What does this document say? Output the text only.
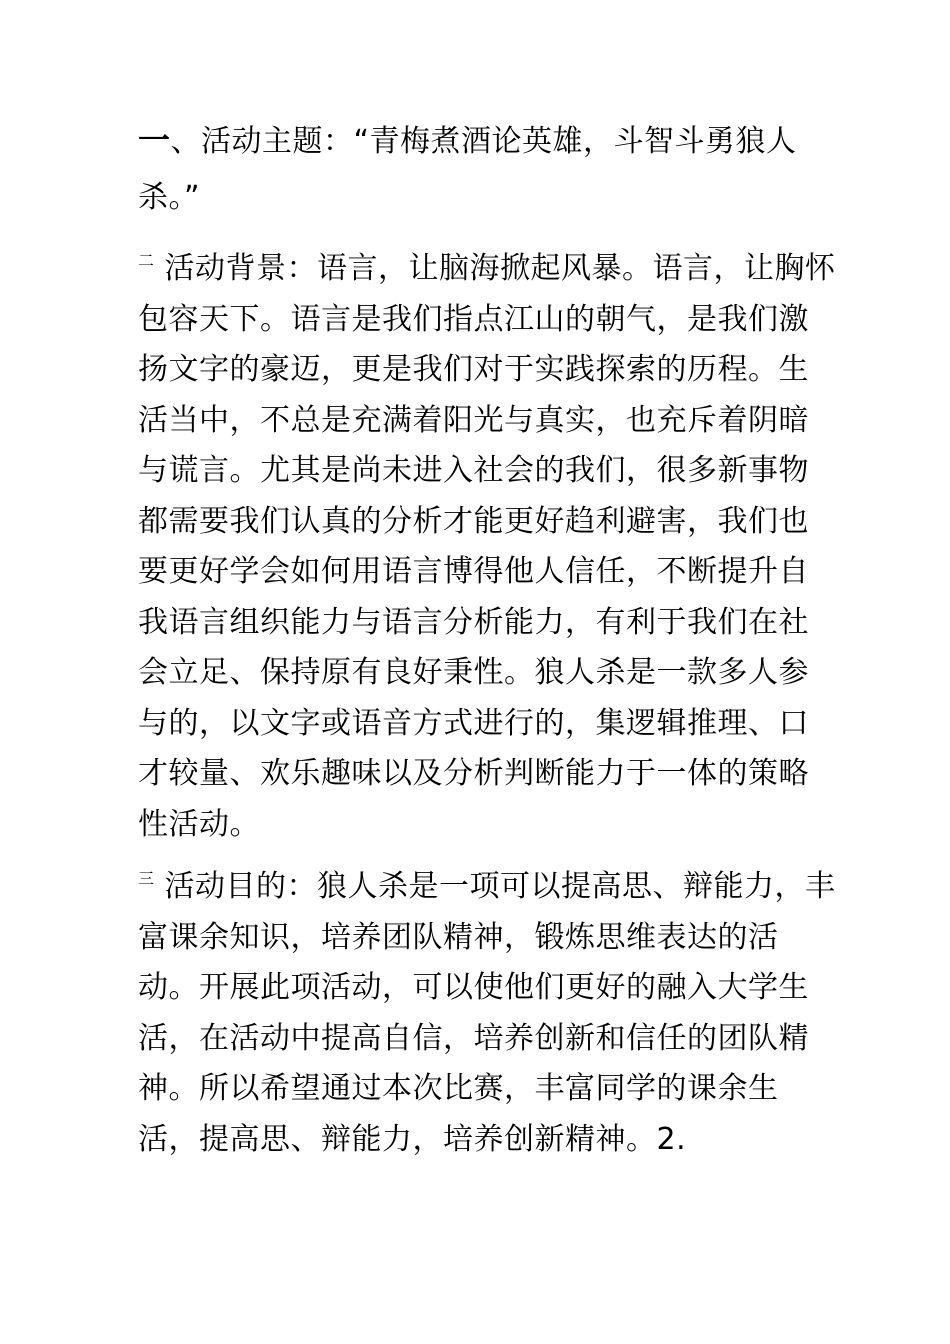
一、活动主题：“青梅煮酒论英雄，斗智斗勇狼人杀。”

$^二$ 活动背景：语言，让脑海掀起风暴。语言，让胸怀包容天下。语言是我们指点江山的朝气，是我们激扬文字的豪迈，更是我们对于实践探索的历程。生活当中，不总是充满着阳光与真实，也充斥着阴暗与谎言。尤其是尚未进入社会的我们，很多新事物都需要我们认真的分析才能更好趋利避害，我们也要更好学会如何用语言博得他人信任，不断提升自我语言组织能力与语言分析能力，有利于我们在社会立足、保持原有良好秉性。狼人杀是一款多人参与的，以文字或语音方式进行的，集逻辑推理、口才较量、欢乐趣味以及分析判断能力于一体的策略性活动。

$^三$ 活动目的：狼人杀是一项可以提高思、辩能力，丰富课余知识，培养团队精神，锻炼思维表达的活动。开展此项活动，可以使他们更好的融入大学生活，在活动中提高自信，培养创新和信任的团队精神。所以希望通过本次比赛，丰富同学的课余生活，提高思、辩能力，培养创新精神。2.
